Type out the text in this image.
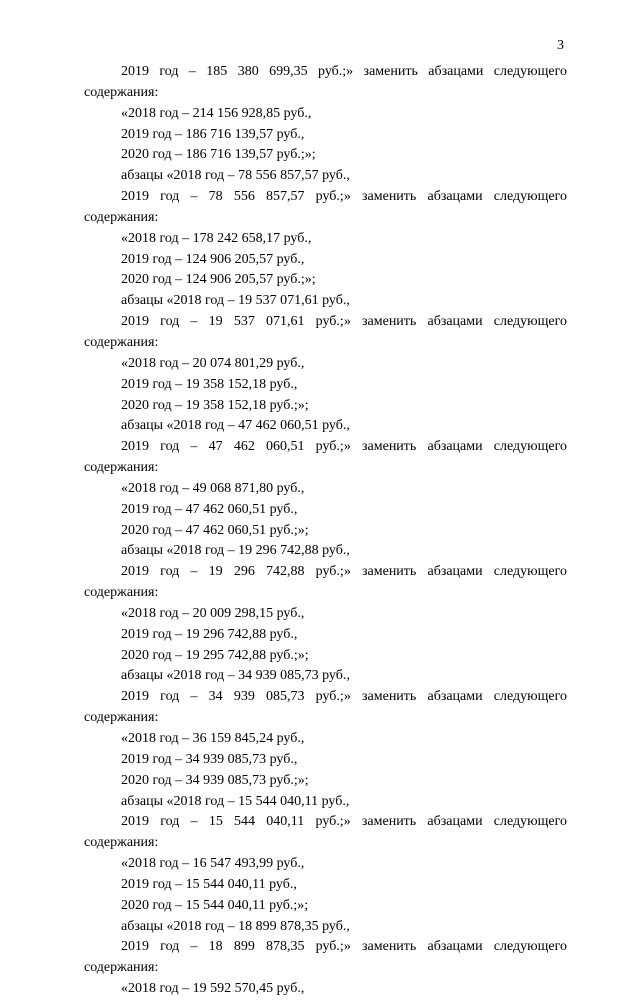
3
2019 год – 185 380 699,35 руб.;» заменить абзацами следующего
содержания:
«2018 год – 214 156 928,85 руб.,
2019 год – 186 716 139,57 руб.,
2020 год – 186 716 139,57 руб.;»;
абзацы «2018 год – 78 556 857,57 руб.,
2019 год – 78 556 857,57 руб.;» заменить абзацами следующего
содержания:
«2018 год – 178 242 658,17 руб.,
2019 год – 124 906 205,57 руб.,
2020 год – 124 906 205,57 руб.;»;
абзацы «2018 год – 19 537 071,61 руб.,
2019 год – 19 537 071,61 руб.;» заменить абзацами следующего
содержания:
«2018 год – 20 074 801,29 руб.,
2019 год – 19 358 152,18 руб.,
2020 год – 19 358 152,18 руб.;»;
абзацы «2018 год – 47 462 060,51 руб.,
2019 год – 47 462 060,51 руб.;» заменить абзацами следующего
содержания:
«2018 год – 49 068 871,80 руб.,
2019 год – 47 462 060,51 руб.,
2020 год – 47 462 060,51 руб.;»;
абзацы «2018 год – 19 296 742,88 руб.,
2019 год – 19 296 742,88 руб.;» заменить абзацами следующего
содержания:
«2018 год – 20 009 298,15 руб.,
2019 год – 19 296 742,88 руб.,
2020 год – 19 295 742,88 руб.;»;
абзацы «2018 год – 34 939 085,73 руб.,
2019 год – 34 939 085,73 руб.;» заменить абзацами следующего
содержания:
«2018 год – 36 159 845,24 руб.,
2019 год – 34 939 085,73 руб.,
2020 год – 34 939 085,73 руб.;»;
абзацы «2018 год – 15 544 040,11 руб.,
2019 год – 15 544 040,11 руб.;» заменить абзацами следующего
содержания:
«2018 год – 16 547 493,99 руб.,
2019 год – 15 544 040,11 руб.,
2020 год – 15 544 040,11 руб.;»;
абзацы «2018 год – 18 899 878,35 руб.,
2019 год – 18 899 878,35 руб.;» заменить абзацами следующего
содержания:
«2018 год – 19 592 570,45 руб.,
